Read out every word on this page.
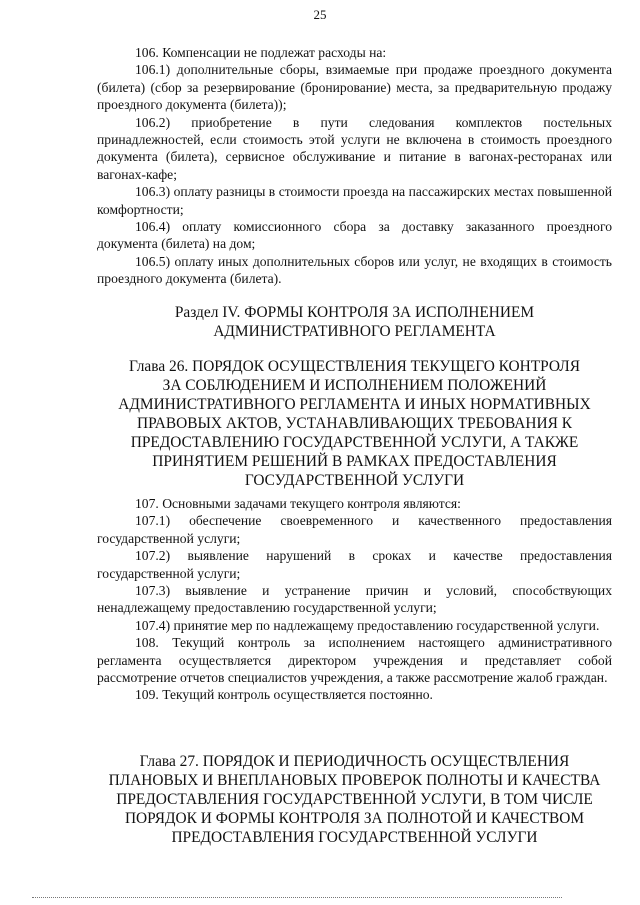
25

106. Компенсации не подлежат расходы на:

106.1) дополнительные сборы, взимаемые при продаже проездного документа (билета) (сбор за резервирование (бронирование) места, за предварительную продажу проездного документа (билета));

106.2) приобретение в пути следования комплектов постельных принадлежностей, если стоимость этой услуги не включена в стоимость проездного документа (билета), сервисное обслуживание и питание в вагонах-ресторанах или вагонах-кафе;

106.3) оплату разницы в стоимости проезда на пассажирских местах повышенной комфортности;

106.4) оплату комиссионного сбора за доставку заказанного проездного документа (билета) на дом;

106.5) оплату иных дополнительных сборов или услуг, не входящих в стоимость проездного документа (билета).

Раздел IV. ФОРМЫ КОНТРОЛЯ ЗА ИСПОЛНЕНИЕМ
АДМИНИСТРАТИВНОГО РЕГЛАМЕНТА
Глава 26. ПОРЯДОК ОСУЩЕСТВЛЕНИЯ ТЕКУЩЕГО КОНТРОЛЯ
ЗА СОБЛЮДЕНИЕМ И ИСПОЛНЕНИЕМ ПОЛОЖЕНИЙ
АДМИНИСТРАТИВНОГО РЕГЛАМЕНТА И ИНЫХ НОРМАТИВНЫХ
ПРАВОВЫХ АКТОВ, УСТАНАВЛИВАЮЩИХ ТРЕБОВАНИЯ К
ПРЕДОСТАВЛЕНИЮ ГОСУДАРСТВЕННОЙ УСЛУГИ, А ТАКЖЕ
ПРИНЯТИЕМ РЕШЕНИЙ В РАМКАХ ПРЕДОСТАВЛЕНИЯ
ГОСУДАРСТВЕННОЙ УСЛУГИ

107. Основными задачами текущего контроля являются:

107.1) обеспечение своевременного и качественного предоставления государственной услуги;

107.2) выявление нарушений в сроках и качестве предоставления государственной услуги;

107.3) выявление и устранение причин и условий, способствующих ненадлежащему предоставлению государственной услуги;

107.4) принятие мер по надлежащему предоставлению государственной услуги.

108. Текущий контроль за исполнением настоящего административного регламента осуществляется директором учреждения и представляет собой рассмотрение отчетов специалистов учреждения, а также рассмотрение жалоб граждан.

109. Текущий контроль осуществляется постоянно.

Глава 27. ПОРЯДОК И ПЕРИОДИЧНОСТЬ ОСУЩЕСТВЛЕНИЯ
ПЛАНОВЫХ И ВНЕПЛАНОВЫХ ПРОВЕРОК ПОЛНОТЫ И КАЧЕСТВА
ПРЕДОСТАВЛЕНИЯ ГОСУДАРСТВЕННОЙ УСЛУГИ, В ТОМ ЧИСЛЕ
ПОРЯДОК И ФОРМЫ КОНТРОЛЯ ЗА ПОЛНОТОЙ И КАЧЕСТВОМ
ПРЕДОСТАВЛЕНИЯ ГОСУДАРСТВЕННОЙ УСЛУГИ
